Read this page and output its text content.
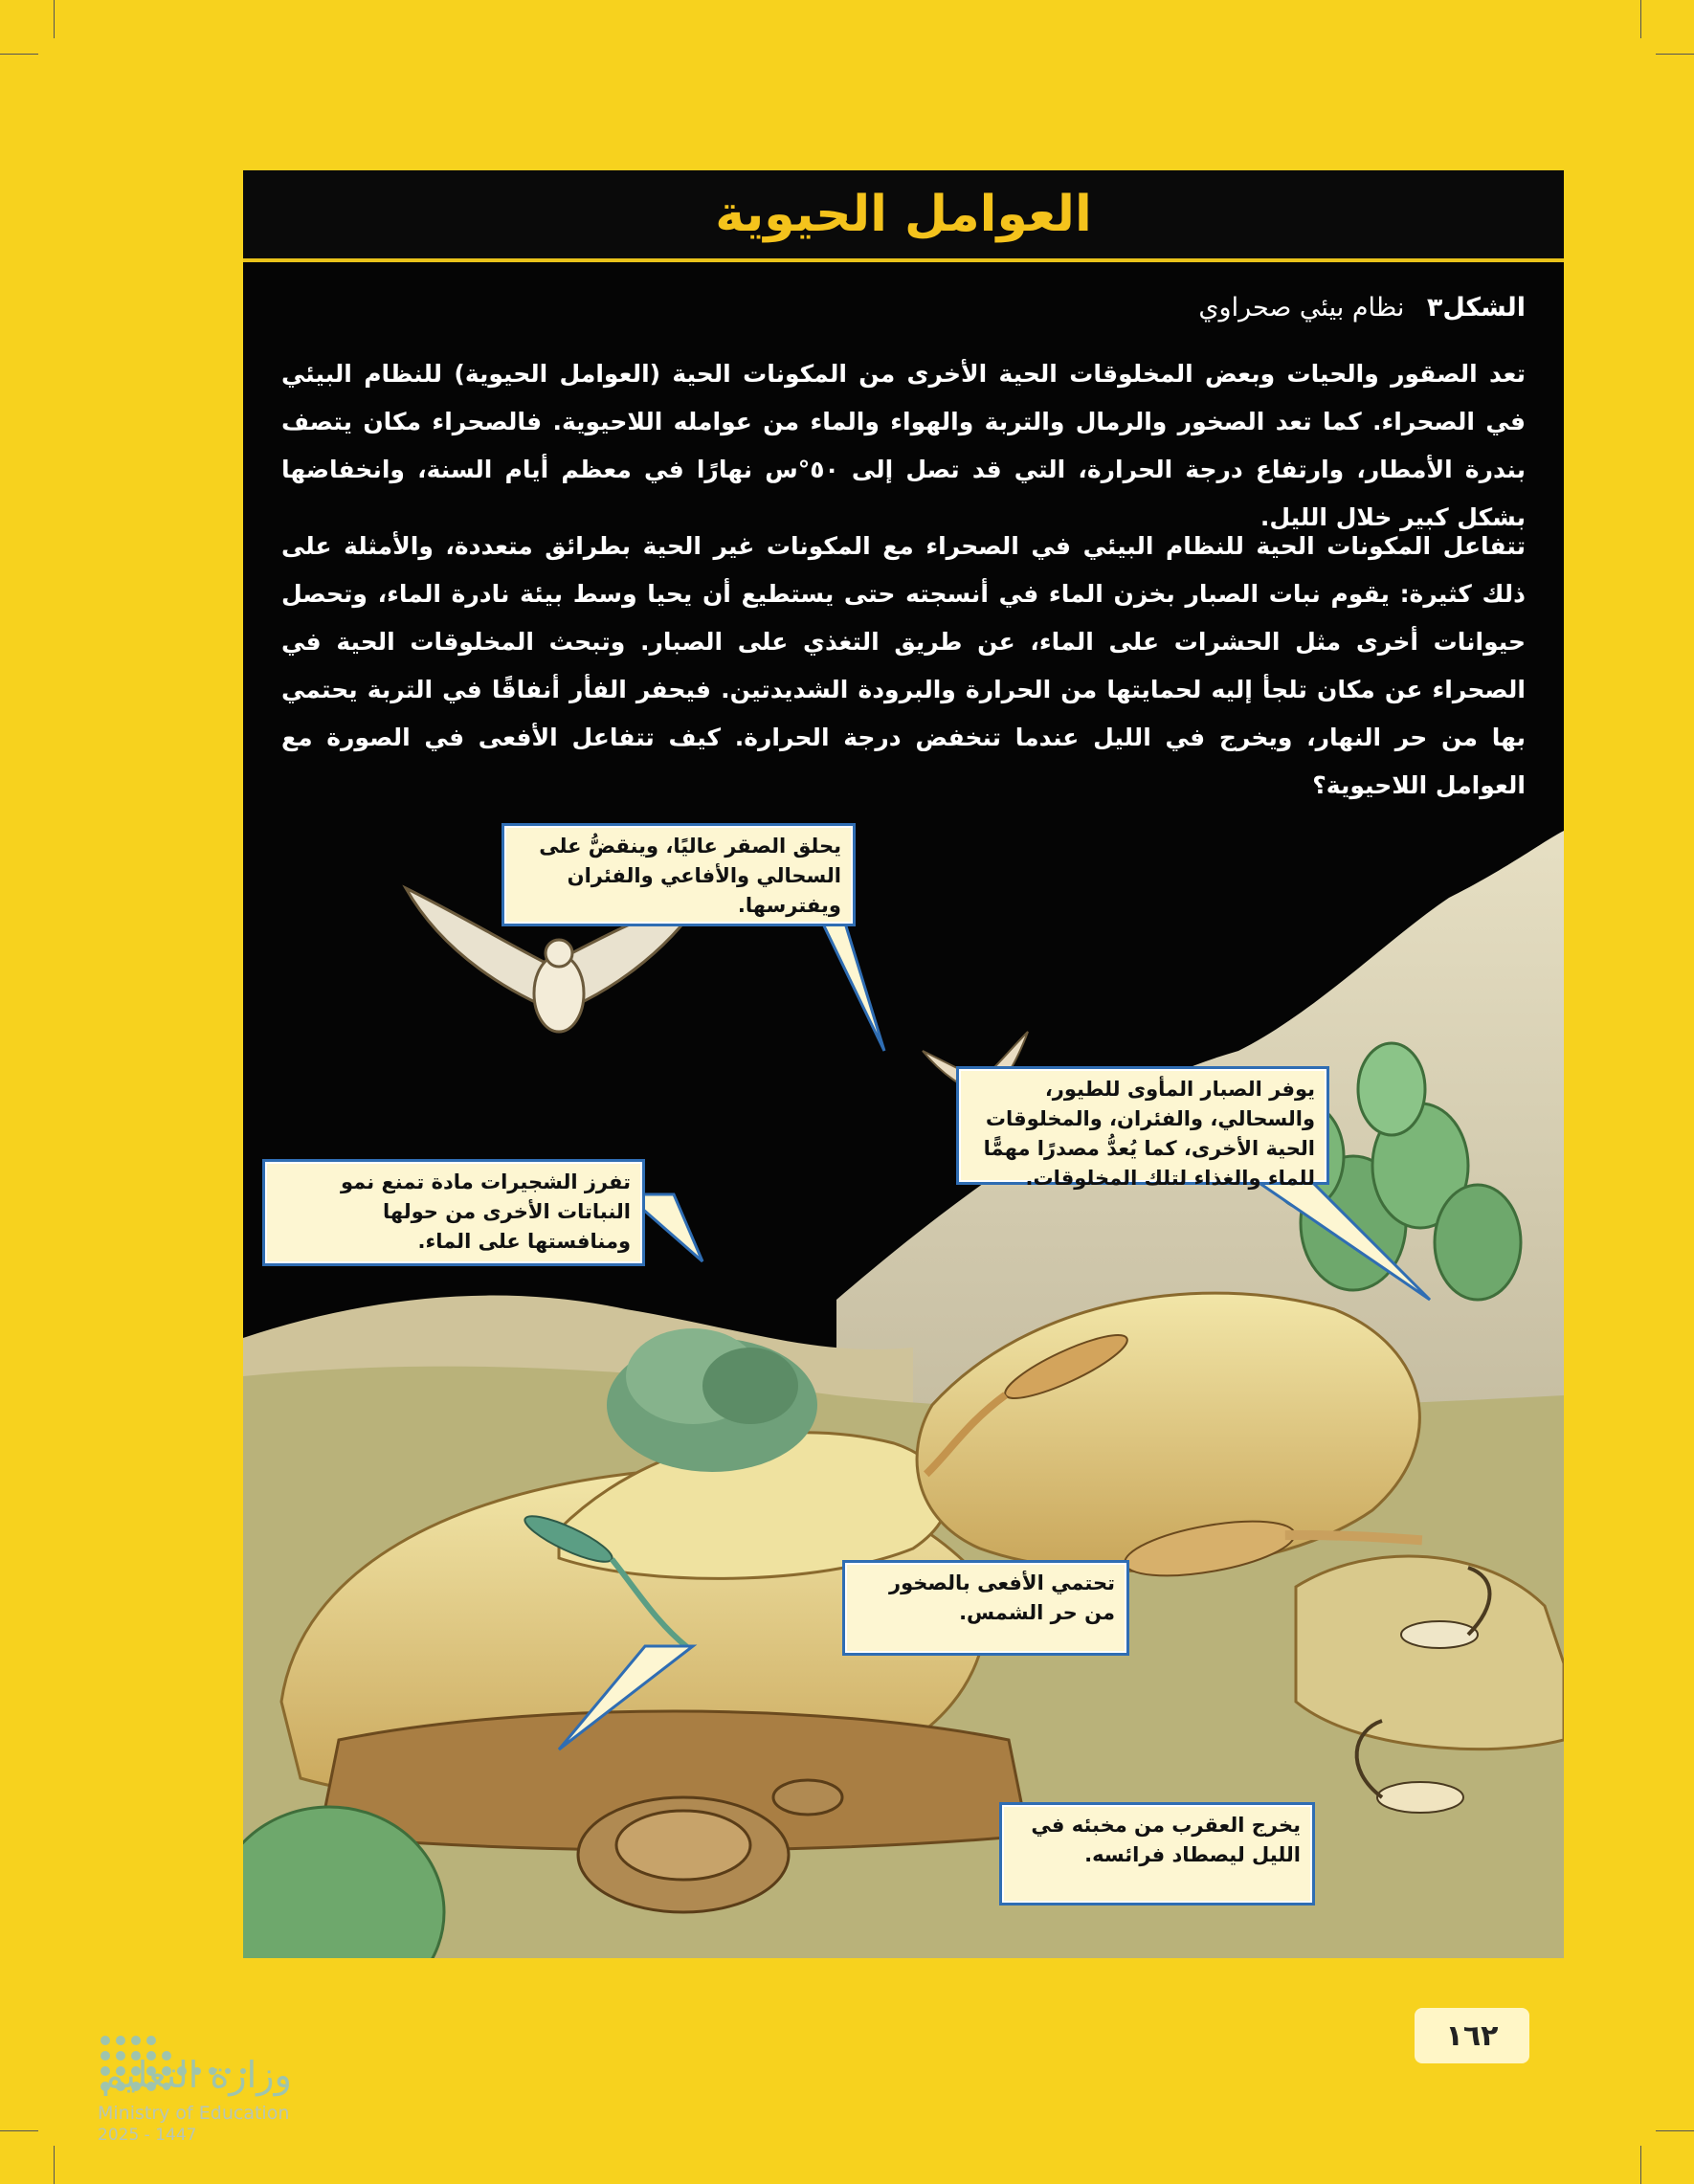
العوامل الحيوية
الشكل٣ نظام بيئي صحراوي
تعد الصقور والحيات وبعض المخلوقات الحية الأخرى من المكونات الحية (العوامل الحيوية) للنظام البيئي في الصحراء. كما تعد الصخور والرمال والتربة والهواء والماء من عوامله اللاحيوية. فالصحراء مكان يتصف بندرة الأمطار، وارتفاع درجة الحرارة، التي قد تصل إلى ٥٠°س نهارًا في معظم أيام السنة، وانخفاضها بشكل كبير خلال الليل.
تتفاعل المكونات الحية للنظام البيئي في الصحراء مع المكونات غير الحية بطرائق متعددة، والأمثلة على ذلك كثيرة: يقوم نبات الصبار بخزن الماء في أنسجته حتى يستطيع أن يحيا وسط بيئة نادرة الماء، وتحصل حيوانات أخرى مثل الحشرات على الماء، عن طريق التغذي على الصبار. وتبحث المخلوقات الحية في الصحراء عن مكان تلجأ إليه لحمايتها من الحرارة والبرودة الشديدتين. فيحفر الفأر أنفاقًا في التربة يحتمي بها من حر النهار، ويخرج في الليل عندما تنخفض درجة الحرارة. كيف تتفاعل الأفعى في الصورة مع العوامل اللاحيوية؟
يحلق الصقر عاليًا، وينقضُّ على السحالي والأفاعي والفئران ويفترسها.
يوفر الصبار المأوى للطيور، والسحالي، والفئران، والمخلوقات الحية الأخرى، كما يُعدُّ مصدرًا مهمًّا للماء والغذاء لتلك المخلوقات.
تفرز الشجيرات مادة تمنع نمو النباتات الأخرى من حولها ومنافستها على الماء.
تحتمي الأفعى بالصخور من حر الشمس.
يخرج العقرب من مخبئه في الليل ليصطاد فرائسه.
١٦٢
وزارة التعليم
Ministry of Education
2025 - 1447
